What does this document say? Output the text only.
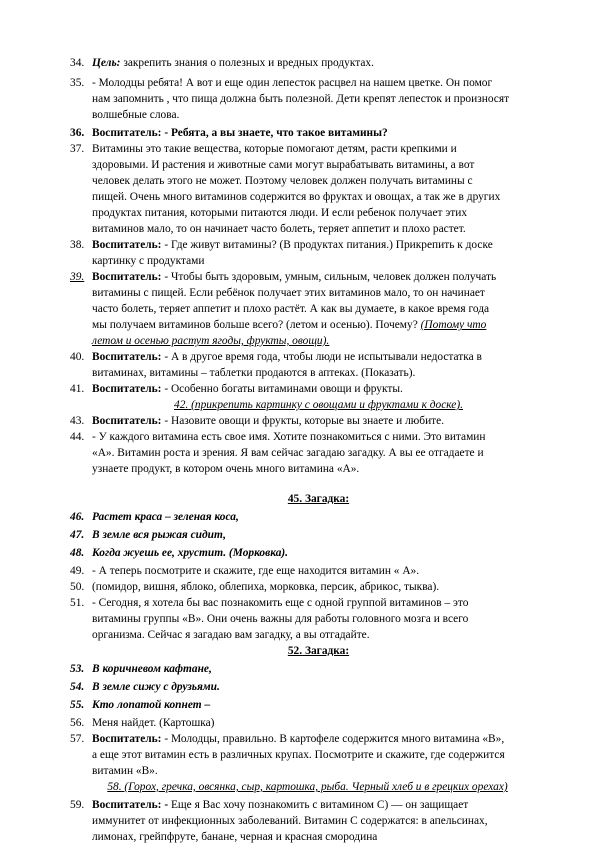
34. Цель: закрепить знания о полезных и вредных продуктах.
35. - Молодцы ребята! А вот и еще один лепесток расцвел на нашем цветке. Он помог
нам запомнить , что пища должна быть полезной. Дети крепят лепесток и произносят
волшебные слова.
36. Воспитатель: - Ребята, а вы знаете, что такое витамины?
37. Витамины это такие вещества, которые помогают детям, расти крепкими и
здоровыми. И растения и животные сами могут вырабатывать витамины, а вот
человек делать этого не может. Поэтому человек должен получать витамины с
пищей. Очень много витаминов содержится во фруктах и овощах, а так же в других
продуктах питания, которыми питаются люди. И если ребенок получает этих
витаминов мало, то он начинает часто болеть, теряет аппетит и плохо растет.
38. Воспитатель: - Где живут витамины? (В продуктах питания.) Прикрепить к доске
картинку с продуктами
39. Воспитатель: - Чтобы быть здоровым, умным, сильным, человек должен получать
витамины с пищей. Если ребёнок получает этих витаминов мало, то он начинает
часто болеть, теряет аппетит и плохо растёт. А как вы думаете, в какое время года
мы получаем витаминов больше всего? (летом и осенью). Почему? (Потому что
летом и осенью растут ягоды, фрукты, овощи).
40. Воспитатель: - А в другое время года, чтобы люди не испытывали недостатка в
витаминах, витамины – таблетки продаются в аптеках. (Показать).
41. Воспитатель: - Особенно богаты витаминами овощи и фрукты.
42. (прикрепить картинку с овощами и фруктами к доске).
43. Воспитатель: - Назовите овощи и фрукты, которые вы знаете и любите.
44. - У каждого витамина есть свое имя. Хотите познакомиться с ними. Это витамин
«А». Витамин роста и зрения. Я вам сейчас загадаю загадку. А вы ее отгадаете и
узнаете продукт, в котором очень много витамина «А».
45. Загадка:
46. Растет краса – зеленая коса,
47. В земле вся рыжая сидит,
48. Когда жуешь ее, хрустит. (Морковка).
49. - А теперь посмотрите и скажите, где еще находится витамин « А».
50. (помидор, вишня, яблоко, облепиха, морковка, персик, абрикос, тыква).
51. - Сегодня, я хотела бы вас познакомить еще с одной группой витаминов – это
витамины группы «В». Они очень важны для работы головного мозга и всего
организма. Сейчас я загадаю вам загадку, а вы отгадайте.
52. Загадка:
53. В коричневом кафтане,
54. В земле сижу с друзьями.
55. Кто лопатой копнет –
56. Меня найдет. (Картошка)
57. Воспитатель: - Молодцы, правильно. В картофеле содержится много витамина «В»,
а еще этот витамин есть в различных крупах. Посмотрите и скажите, где содержится
витамин «В».
58. (Горох, гречка, овсянка, сыр, картошка, рыба. Черный хлеб и в грецких орехах)
59. Воспитатель: - Еще я Вас хочу познакомить с витамином С) — он защищает
иммунитет от инфекционных заболеваний. Витамин С содержатся: в апельсинах,
лимонах, грейпфруте, банане, черная и красная смородина
